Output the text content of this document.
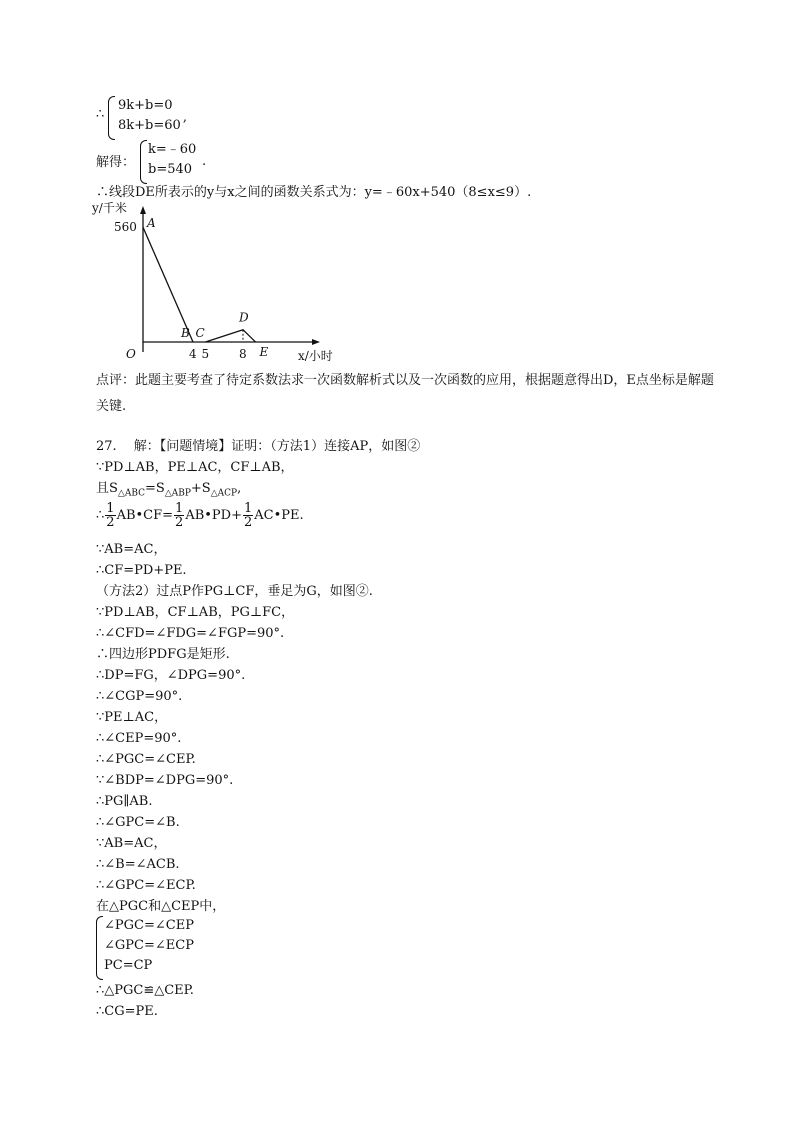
∴
9k+b=0
8k+b=60,
解得：
k=﹣60
b=540.
∴线段DE所表示的y与x之间的函数关系式为：y=﹣60x+540（8≤x≤9）.
y/千米
x/小时
O
560
4 5 8
A
B C
D
E
点评：此题主要考查了待定系数法求一次函数解析式以及一次函数的应用，根据题意得出D，E点坐标是解题关键.
27.　 解：【问题情境】证明：（方法1）连接AP，如图②
∵PD⊥AB，PE⊥AC，CF⊥AB，
且$S_{\triangle ABC}=S_{\triangle ABP}+S_{\triangle ACP}$,
∴ $\frac{1}{2}$ AB•CF= $\frac{1}{2}$ AB•PD+ $\frac{1}{2}$ AC•PE.
∵AB=AC，
∴CF=PD+PE.
（方法2）过点P作PG⊥CF，垂足为G，如图②.
∵PD⊥AB，CF⊥AB，PG⊥FC，
∴∠CFD=∠FDG=∠FGP=90°.
∴四边形PDFG是矩形.
∴DP=FG，∠DPG=90°.
∴∠CGP=90°.
∵PE⊥AC，
∴∠CEP=90°.
∴∠PGC=∠CEP.
∵∠BDP=∠DPG=90°.
∴PG∥AB.
∴∠GPC=∠B.
∵AB=AC，
∴∠B=∠ACB.
∴∠GPC=∠ECP.
在△PGC和△CEP中，
∠PGC=∠CEP
∠GPC=∠ECP
PC=CP
∴△PGC≌△CEP.
∴CG=PE.
